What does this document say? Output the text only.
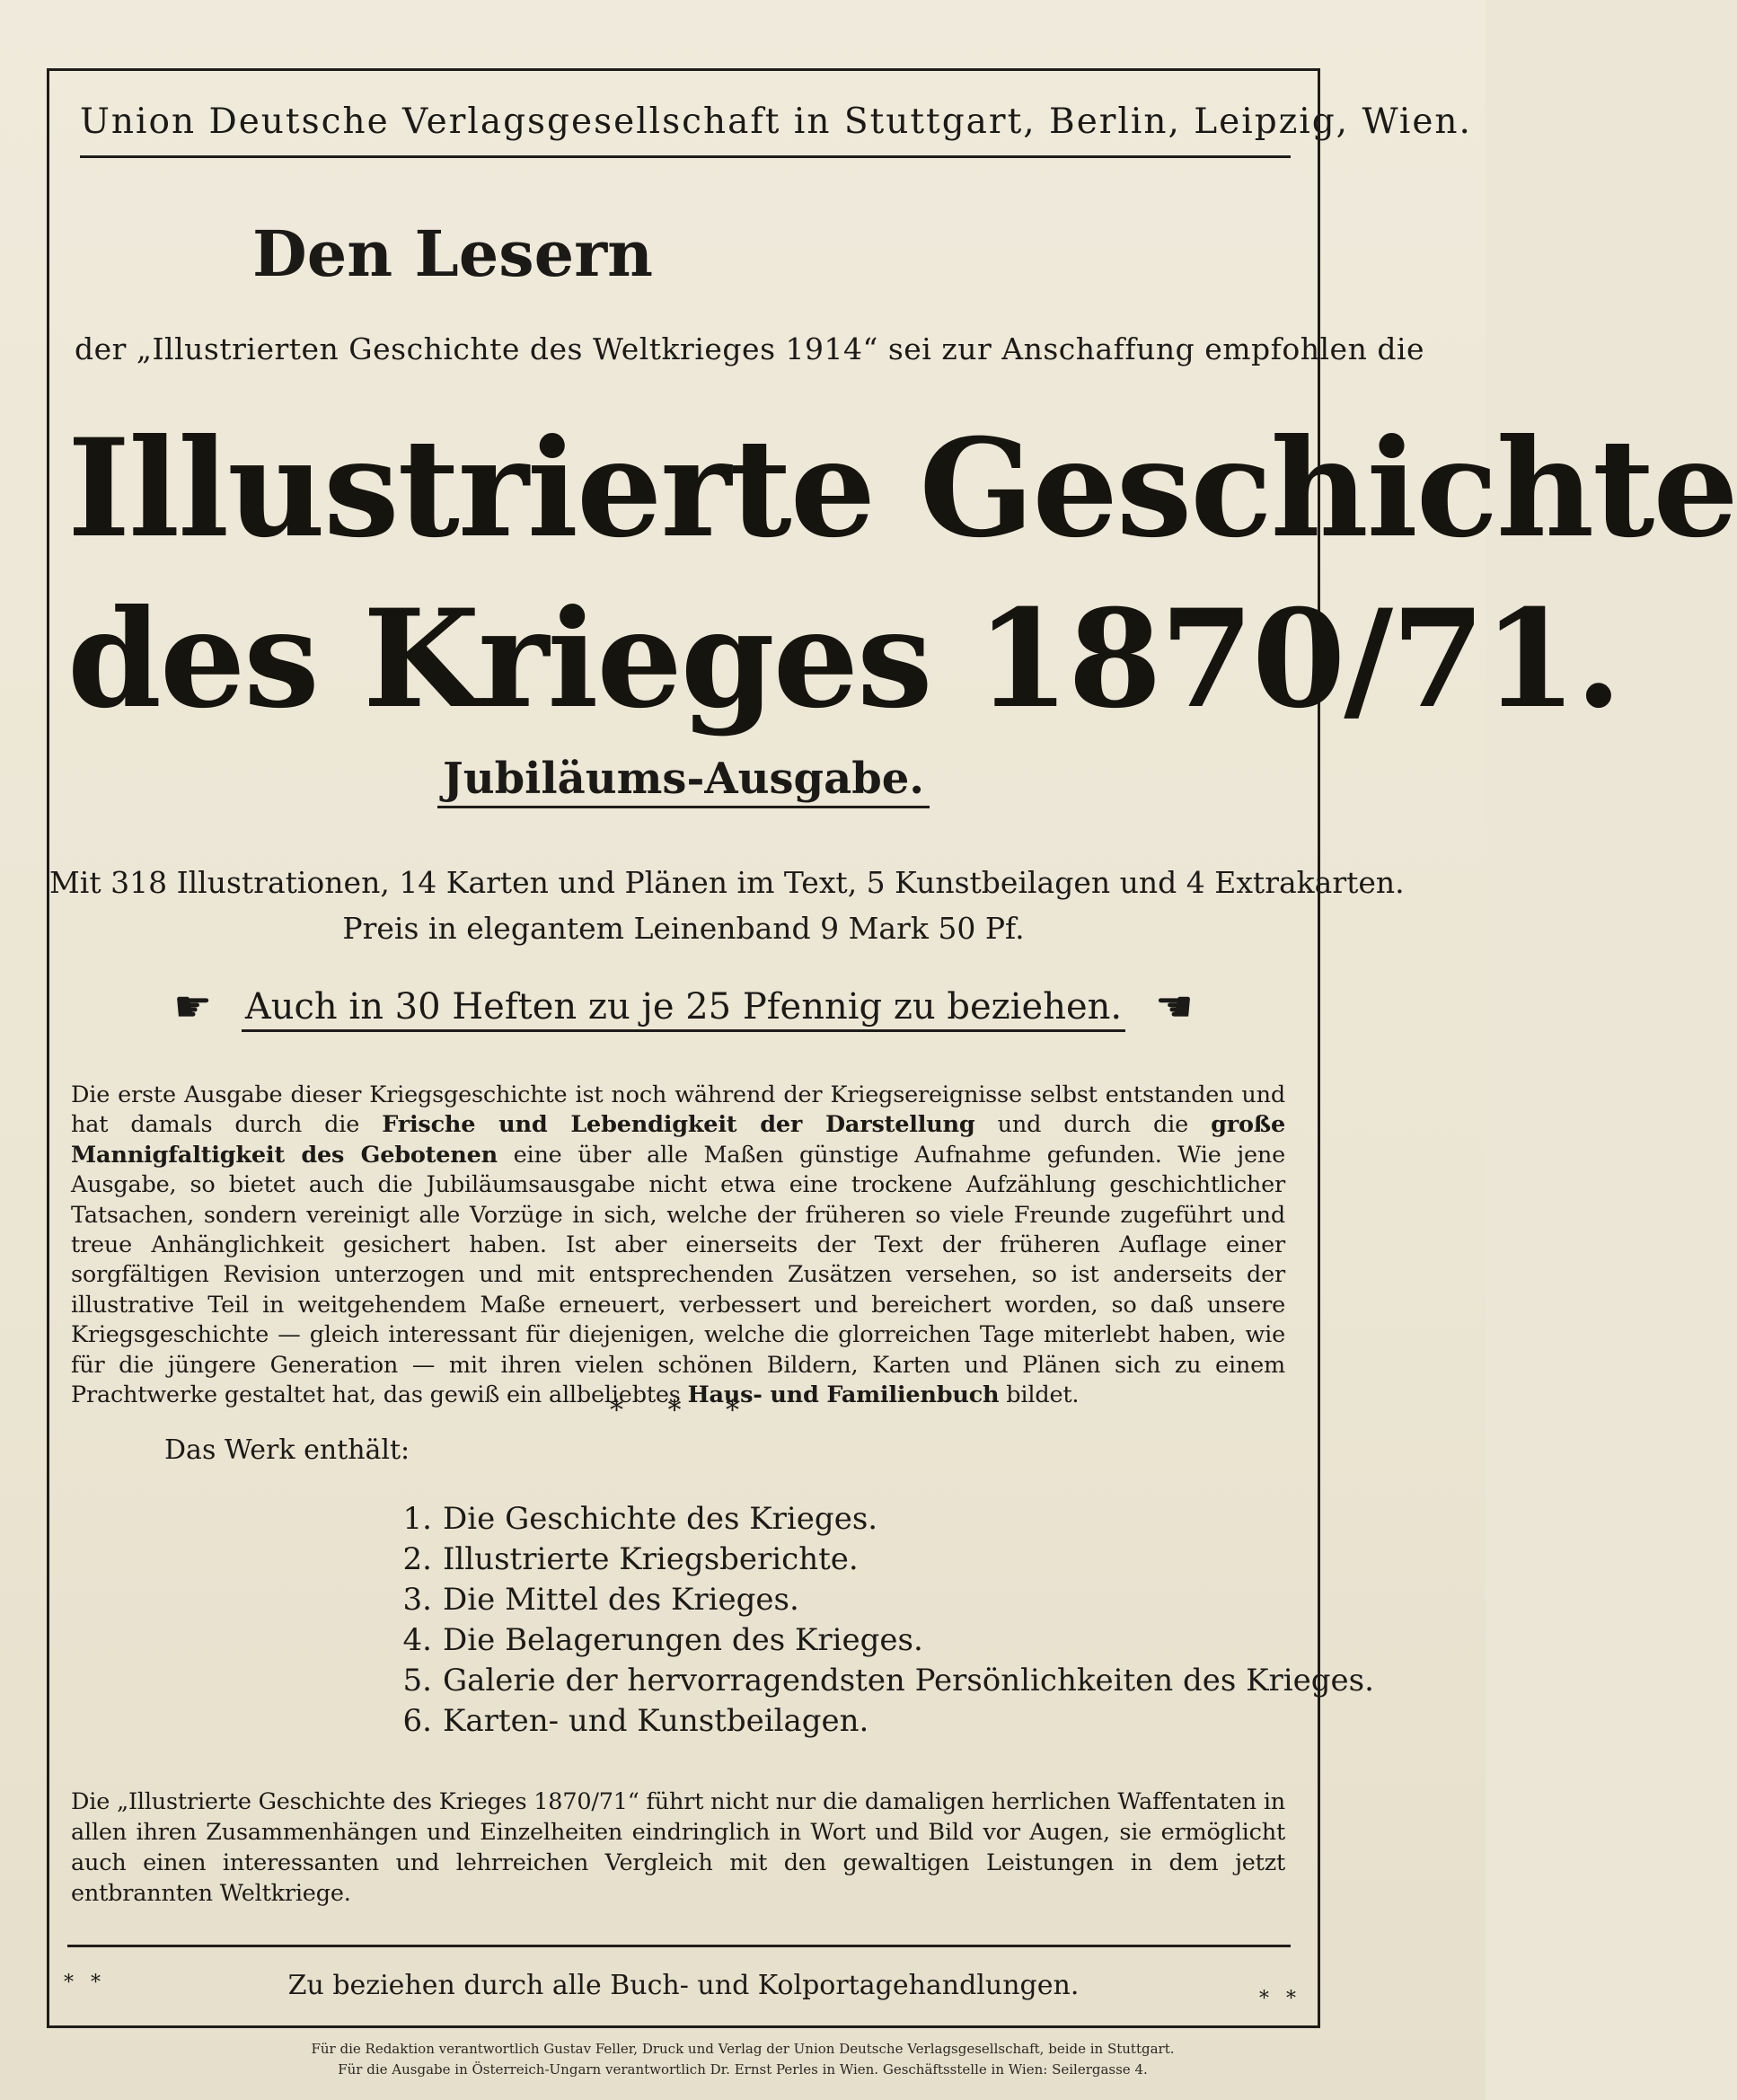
Union Deutsche Verlagsgesellschaft in Stuttgart, Berlin, Leipzig, Wien.
Den Lesern
der „Illustrierten Geschichte des Weltkrieges 1914“ sei zur Anschaffung empfohlen die
Illustrierte Geschichte
des Krieges 1870/71.
Jubiläums-Ausgabe.
Mit 318 Illustrationen, 14 Karten und Plänen im Text, 5 Kunstbeilagen und 4 Extrakarten.
Preis in elegantem Leinenband 9 Mark 50 Pf.
☛ Auch in 30 Heften zu je 25 Pfennig zu beziehen. ☚
Die erste Ausgabe dieser Kriegsgeschichte ist noch während der Kriegsereignisse selbst entstanden und hat damals durch die Frische und Lebendigkeit der Darstellung und durch die große Mannigfaltigkeit des Gebotenen eine über alle Maßen günstige Aufnahme gefunden. Wie jene Ausgabe, so bietet auch die Jubiläumsausgabe nicht etwa eine trockene Aufzählung geschichtlicher Tatsachen, sondern vereinigt alle Vorzüge in sich, welche der früheren so viele Freunde zugeführt und treue Anhänglichkeit gesichert haben. Ist aber einerseits der Text der früheren Auflage einer sorgfältigen Revision unterzogen und mit entsprechenden Zusätzen versehen, so ist anderseits der illustrative Teil in weitgehendem Maße erneuert, verbessert und bereichert worden, so daß unsere Kriegsgeschichte — gleich interessant für diejenigen, welche die glorreichen Tage miterlebt haben, wie für die jüngere Generation — mit ihren vielen schönen Bildern, Karten und Plänen sich zu einem Prachtwerke gestaltet hat, das gewiß ein allbeliebtes Haus- und Familienbuch bildet.
* * *
Das Werk enthält:
1. Die Geschichte des Krieges.
2. Illustrierte Kriegsberichte.
3. Die Mittel des Krieges.
4. Die Belagerungen des Krieges.
5. Galerie der hervorragendsten Persönlichkeiten des Krieges.
6. Karten- und Kunstbeilagen.
Die „Illustrierte Geschichte des Krieges 1870/71“ führt nicht nur die damaligen herrlichen Waffentaten in allen ihren Zusammenhängen und Einzelheiten eindringlich in Wort und Bild vor Augen, sie ermöglicht auch einen interessanten und lehrreichen Vergleich mit den gewaltigen Leistungen in dem jetzt entbrannten Weltkriege.
* *	Zu beziehen durch alle Buch- und Kolportagehandlungen.	* *
Für die Redaktion verantwortlich Gustav Feller, Druck und Verlag der Union Deutsche Verlagsgesellschaft, beide in Stuttgart.
Für die Ausgabe in Österreich-Ungarn verantwortlich Dr. Ernst Perles in Wien. Geschäftsstelle in Wien: Seilergasse 4.
